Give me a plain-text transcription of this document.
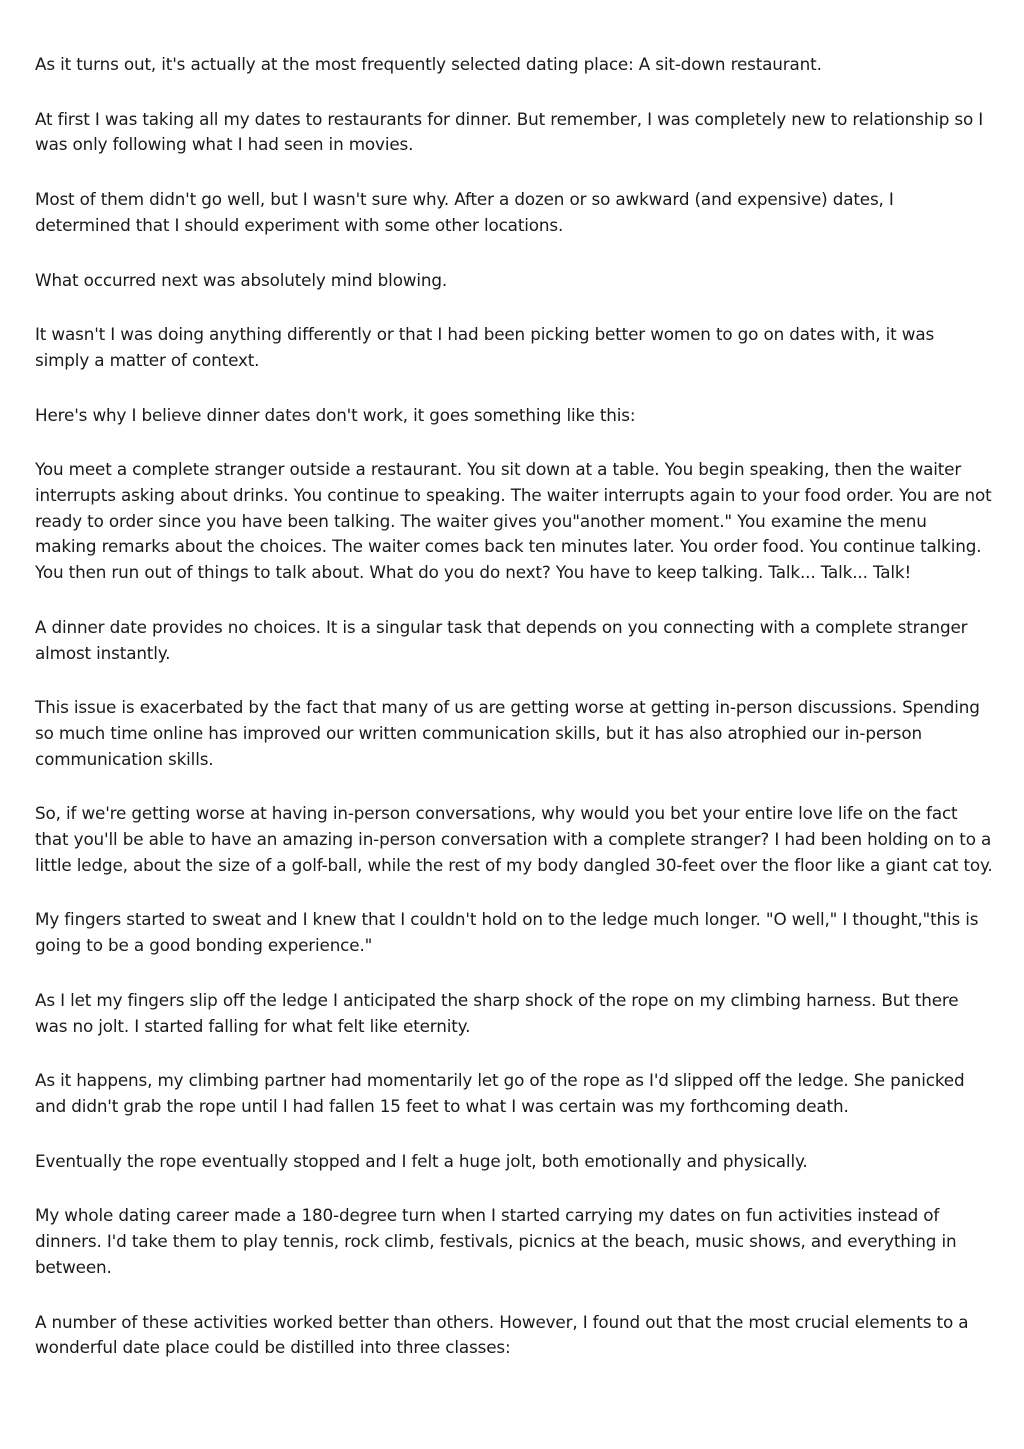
As it turns out, it's actually at the most frequently selected dating place: A sit-down restaurant.

At first I was taking all my dates to restaurants for dinner. But remember, I was completely new to relationship so I was only following what I had seen in movies.

Most of them didn't go well, but I wasn't sure why. After a dozen or so awkward (and expensive) dates, I determined that I should experiment with some other locations.

What occurred next was absolutely mind blowing.

It wasn't I was doing anything differently or that I had been picking better women to go on dates with, it was simply a matter of context.

Here's why I believe dinner dates don't work, it goes something like this:

You meet a complete stranger outside a restaurant. You sit down at a table. You begin speaking, then the waiter interrupts asking about drinks. You continue to speaking. The waiter interrupts again to your food order. You are not ready to order since you have been talking. The waiter gives you"another moment." You examine the menu making remarks about the choices. The waiter comes back ten minutes later. You order food. You continue talking. You then run out of things to talk about. What do you do next? You have to keep talking. Talk... Talk... Talk!

A dinner date provides no choices. It is a singular task that depends on you connecting with a complete stranger almost instantly.

This issue is exacerbated by the fact that many of us are getting worse at getting in-person discussions. Spending so much time online has improved our written communication skills, but it has also atrophied our in-person communication skills.

So, if we're getting worse at having in-person conversations, why would you bet your entire love life on the fact that you'll be able to have an amazing in-person conversation with a complete stranger? I had been holding on to a little ledge, about the size of a golf-ball, while the rest of my body dangled 30-feet over the floor like a giant cat toy.

My fingers started to sweat and I knew that I couldn't hold on to the ledge much longer. "O well," I thought,"this is going to be a good bonding experience."

As I let my fingers slip off the ledge I anticipated the sharp shock of the rope on my climbing harness. But there was no jolt. I started falling for what felt like eternity.

As it happens, my climbing partner had momentarily let go of the rope as I'd slipped off the ledge. She panicked and didn't grab the rope until I had fallen 15 feet to what I was certain was my forthcoming death.

Eventually the rope eventually stopped and I felt a huge jolt, both emotionally and physically.

My whole dating career made a 180-degree turn when I started carrying my dates on fun activities instead of dinners. I'd take them to play tennis, rock climb, festivals, picnics at the beach, music shows, and everything in between.

A number of these activities worked better than others. However, I found out that the most crucial elements to a wonderful date place could be distilled into three classes:
